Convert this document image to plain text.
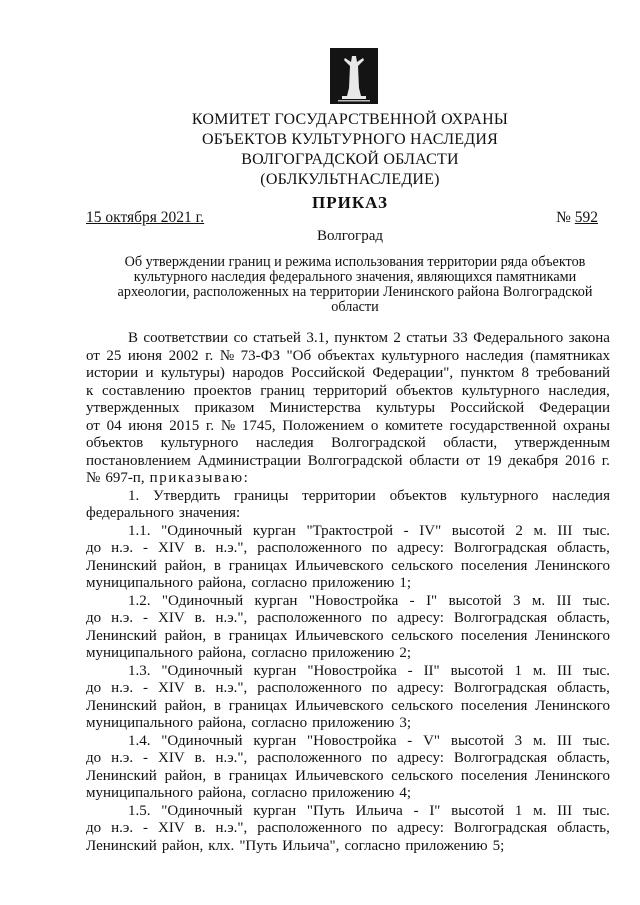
КОМИТЕТ ГОСУДАРСТВЕННОЙ ОХРАНЫ
ОБЪЕКТОВ КУЛЬТУРНОГО НАСЛЕДИЯ
ВОЛГОГРАДСКОЙ ОБЛАСТИ
(ОБЛКУЛЬТНАСЛЕДИЕ)
ПРИКАЗ
15 октября 2021 г.	№ 592
Волгоград
Об утверждении границ и режима использования территории ряда объектов
культурного наследия федерального значения, являющихся памятниками
археологии, расположенных на территории Ленинского района Волгоградской
области
В соответствии со статьей 3.1, пунктом 2 статьи 33 Федерального закона
от 25 июня 2002 г. № 73-ФЗ "Об объектах культурного наследия (памятниках
истории и культуры) народов Российской Федерации", пунктом 8 требований
к составлению проектов границ территорий объектов культурного наследия,
утвержденных приказом Министерства культуры Российской Федерации
от 04 июня 2015 г. № 1745, Положением о комитете государственной охраны
объектов культурного наследия Волгоградской области, утвержденным
постановлением Администрации Волгоградской области от 19 декабря 2016 г.
№ 697-п, приказываю:
1. Утвердить границы территории объектов культурного наследия
федерального значения:
1.1. "Одиночный курган "Трактострой - IV" высотой 2 м. III тыс.
до н.э. - XIV в. н.э.", расположенного по адресу: Волгоградская область,
Ленинский район, в границах Ильичевского сельского поселения Ленинского
муниципального района, согласно приложению 1;
1.2. "Одиночный курган "Новостройка - I" высотой 3 м. III тыс.
до н.э. - XIV в. н.э.", расположенного по адресу: Волгоградская область,
Ленинский район, в границах Ильичевского сельского поселения Ленинского
муниципального района, согласно приложению 2;
1.3. "Одиночный курган "Новостройка - II" высотой 1 м. III тыс.
до н.э. - XIV в. н.э.", расположенного по адресу: Волгоградская область,
Ленинский район, в границах Ильичевского сельского поселения Ленинского
муниципального района, согласно приложению 3;
1.4. "Одиночный курган "Новостройка - V" высотой 3 м. III тыс.
до н.э. - XIV в. н.э.", расположенного по адресу: Волгоградская область,
Ленинский район, в границах Ильичевского сельского поселения Ленинского
муниципального района, согласно приложению 4;
1.5. "Одиночный курган "Путь Ильича - I" высотой 1 м. III тыс.
до н.э. - XIV в. н.э.", расположенного по адресу: Волгоградская область,
Ленинский район, клх. "Путь Ильича", согласно приложению 5;
